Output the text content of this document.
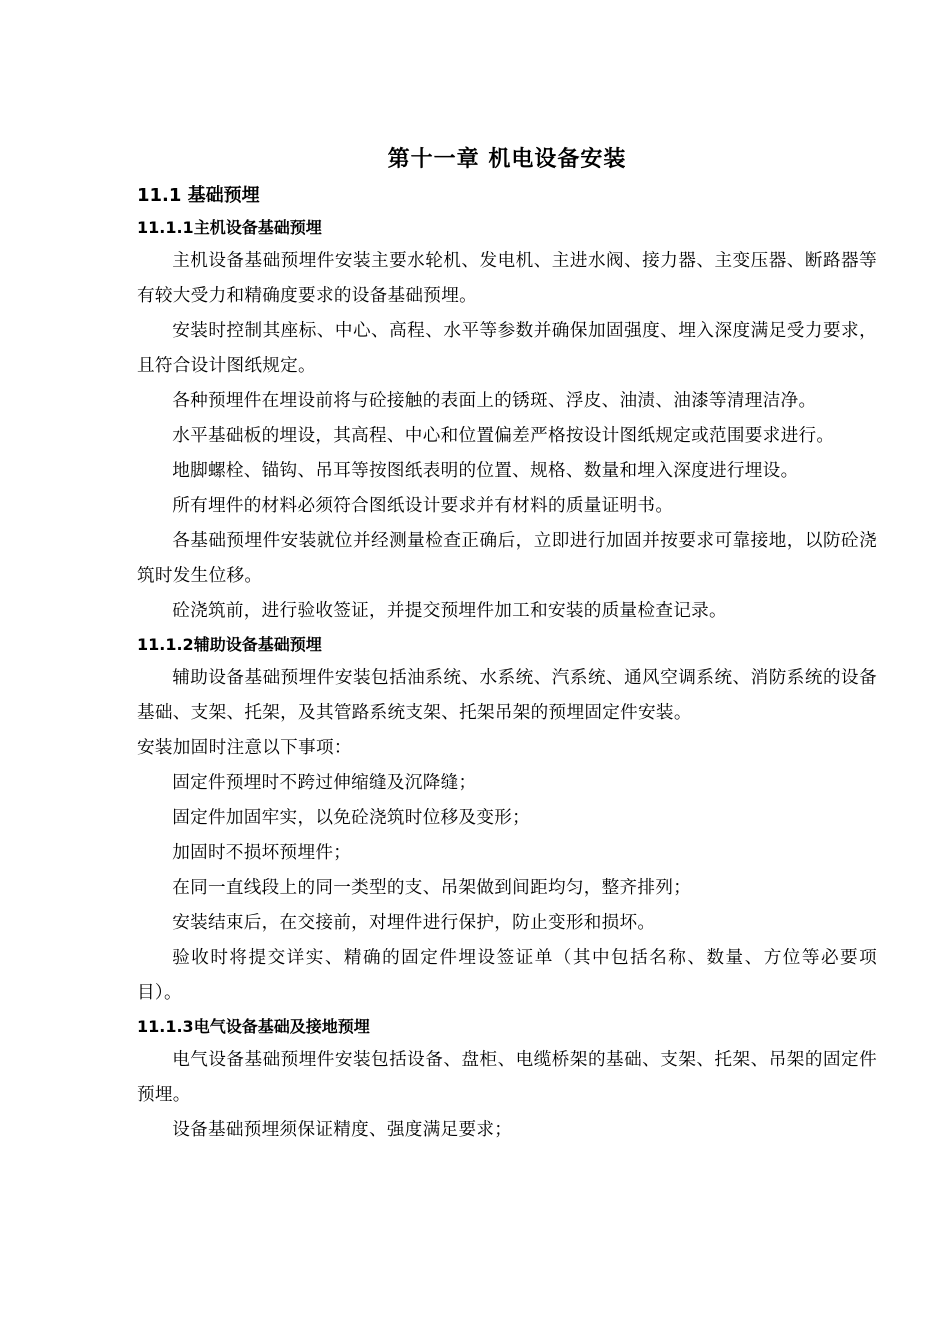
第十一章 机电设备安装
11.1 基础预埋
11.1.1主机设备基础预埋

主机设备基础预埋件安装主要水轮机、发电机、主进水阀、接力器、主变压器、断路器等有较大受力和精确度要求的设备基础预埋。

安装时控制其座标、中心、高程、水平等参数并确保加固强度、埋入深度满足受力要求，且符合设计图纸规定。

各种预埋件在埋设前将与砼接触的表面上的锈斑、浮皮、油渍、油漆等清理洁净。

水平基础板的埋设，其高程、中心和位置偏差严格按设计图纸规定或范围要求进行。

地脚螺栓、锚钩、吊耳等按图纸表明的位置、规格、数量和埋入深度进行埋设。

所有埋件的材料必须符合图纸设计要求并有材料的质量证明书。

各基础预埋件安装就位并经测量检查正确后，立即进行加固并按要求可靠接地，以防砼浇筑时发生位移。

砼浇筑前，进行验收签证，并提交预埋件加工和安装的质量检查记录。

11.1.2辅助设备基础预埋

辅助设备基础预埋件安装包括油系统、水系统、汽系统、通风空调系统、消防系统的设备基础、支架、托架，及其管路系统支架、托架吊架的预埋固定件安装。

安装加固时注意以下事项：

固定件预埋时不跨过伸缩缝及沉降缝；

固定件加固牢实，以免砼浇筑时位移及变形；

加固时不损坏预埋件；

在同一直线段上的同一类型的支、吊架做到间距均匀，整齐排列；

安装结束后，在交接前，对埋件进行保护，防止变形和损坏。

验收时将提交详实、精确的固定件埋设签证单（其中包括名称、数量、方位等必要项目）。

11.1.3电气设备基础及接地预埋

电气设备基础预埋件安装包括设备、盘柜、电缆桥架的基础、支架、托架、吊架的固定件预埋。

设备基础预埋须保证精度、强度满足要求；
